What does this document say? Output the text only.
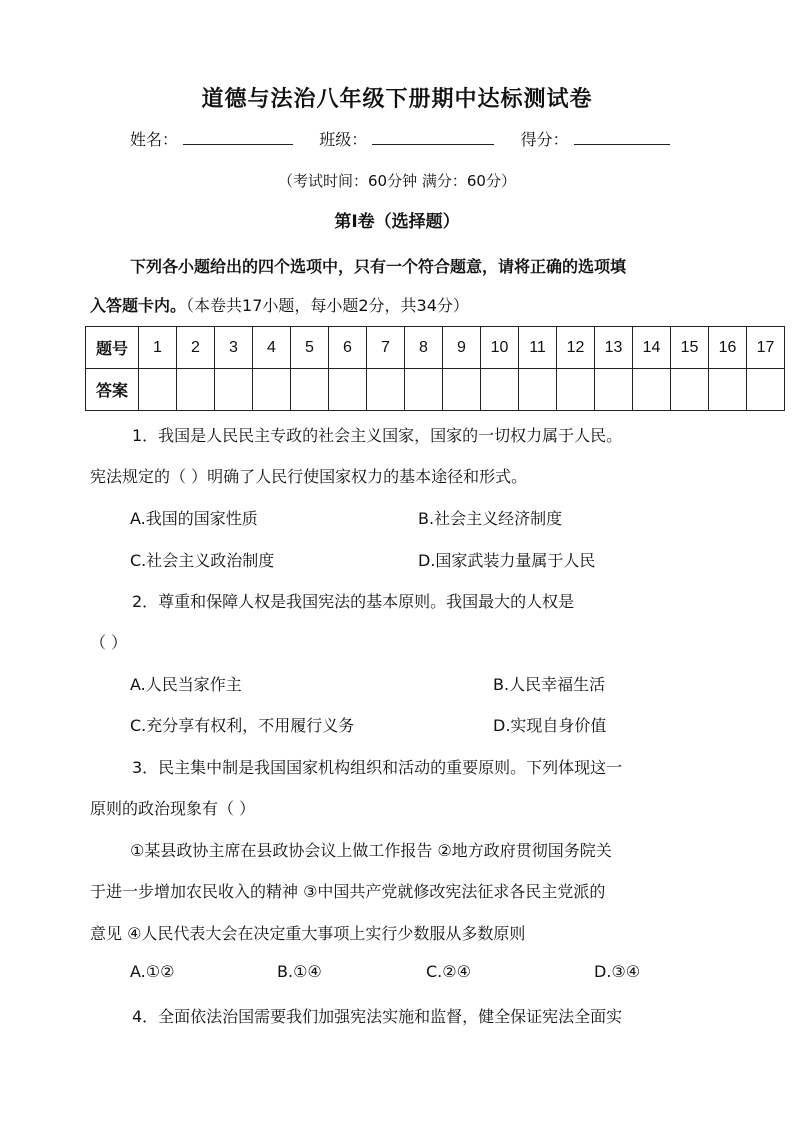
道德与法治八年级下册期中达标测试卷
姓名：	班级：	得分：
（考试时间：60分钟 满分：60分）
第Ⅰ卷（选择题）
下列各小题给出的四个选项中，只有一个符合题意，请将正确的选项填
入答题卡内。（本卷共17小题，每小题2分，共34分）
题号	1	2	3	4	5	6	7	8	9	10	11	12	13	14	15	16	17
答案																	
1．我国是人民民主专政的社会主义国家，国家的一切权力属于人民。
宪法规定的（ ）明确了人民行使国家权力的基本途径和形式。
A.我国的国家性质	B.社会主义经济制度
C.社会主义政治制度	D.国家武装力量属于人民
2．尊重和保障人权是我国宪法的基本原则。我国最大的人权是
（ ）
A.人民当家作主	B.人民幸福生活
C.充分享有权利，不用履行义务	D.实现自身价值
3．民主集中制是我国国家机构组织和活动的重要原则。下列体现这一
原则的政治现象有（ ）
①某县政协主席在县政协会议上做工作报告 ②地方政府贯彻国务院关
于进一步增加农民收入的精神 ③中国共产党就修改宪法征求各民主党派的
意见 ④人民代表大会在决定重大事项上实行少数服从多数原则
A.①②	B.①④	C.②④	D.③④
4．全面依法治国需要我们加强宪法实施和监督，健全保证宪法全面实
